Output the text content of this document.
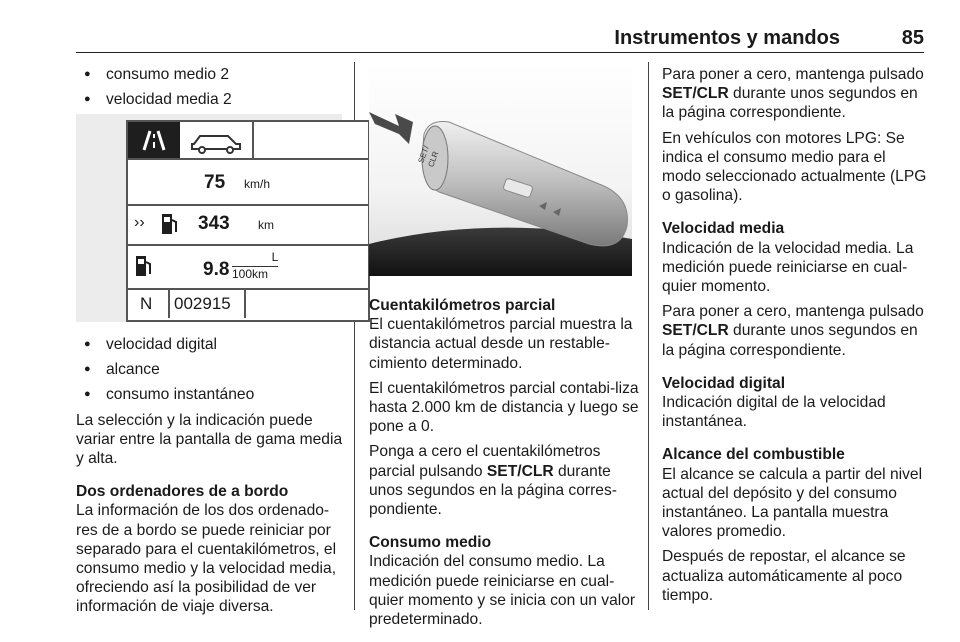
Instrumentos y mandos	85
● consumo medio 2
● velocidad media 2
75 km/h
››	343 km
9.8
L
100km
N 002915
● velocidad digital
● alcance
● consumo instantáneo

La selección y la indicación puede variar entre la pantalla de gama media y alta.

Dos ordenadores de a bordo

La información de los dos ordenado-res de a bordo se puede reiniciar por separado para el cuentakilómetros, el consumo medio y la velocidad media, ofreciendo así la posibilidad de ver información de viaje diversa.

SET/
CLR
Cuentakilómetros parcial

El cuentakilómetros parcial muestra la distancia actual desde un restable-cimiento determinado.

El cuentakilómetros parcial contabi-liza hasta 2.000 km de distancia y luego se pone a 0.

Ponga a cero el cuentakilómetros parcial pulsando SET/CLR durante unos segundos en la página corres-pondiente.

Consumo medio

Indicación del consumo medio. La medición puede reiniciarse en cual-quier momento y se inicia con un valor predeterminado.

Para poner a cero, mantenga pulsado SET/CLR durante unos segundos en la página correspondiente.

En vehículos con motores LPG: Se indica el consumo medio para el modo seleccionado actualmente (LPG o gasolina).

Velocidad media

Indicación de la velocidad media. La medición puede reiniciarse en cual-quier momento.

Para poner a cero, mantenga pulsado SET/CLR durante unos segundos en la página correspondiente.

Velocidad digital

Indicación digital de la velocidad instantánea.

Alcance del combustible

El alcance se calcula a partir del nivel actual del depósito y del consumo instantáneo. La pantalla muestra valores promedio.

Después de repostar, el alcance se actualiza automáticamente al poco tiempo.
